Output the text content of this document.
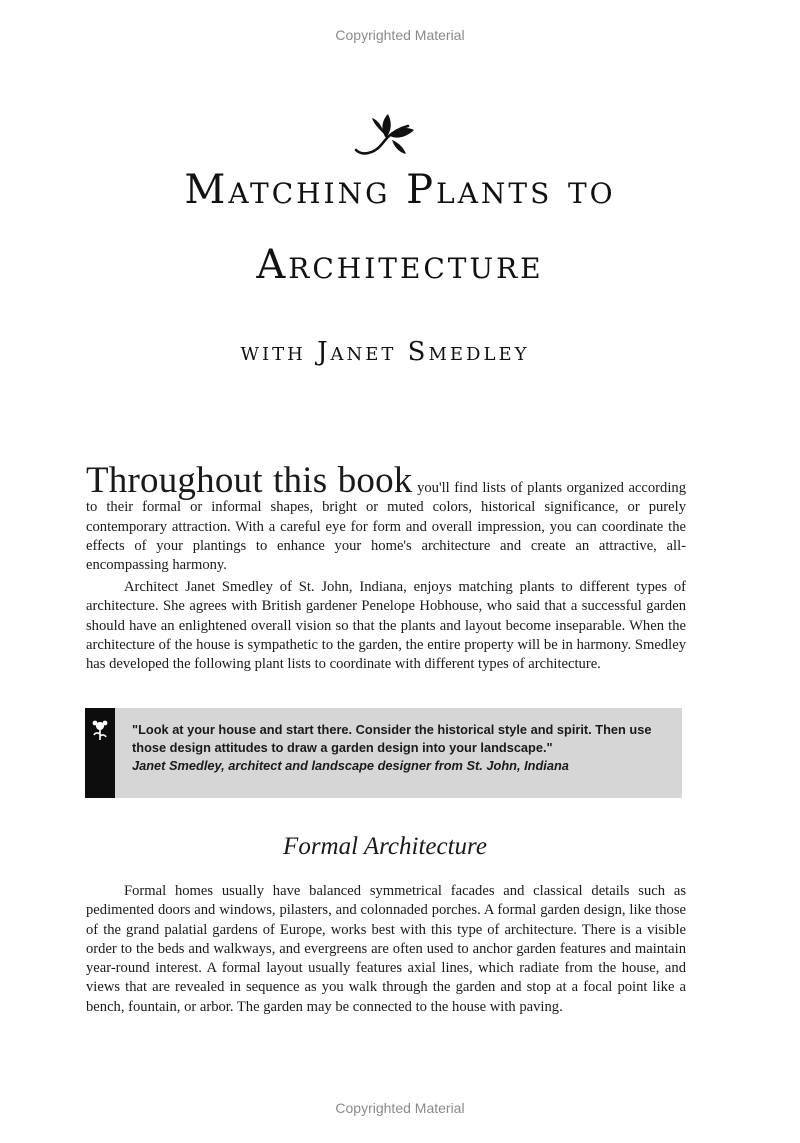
Copyrighted Material
Matching Plants to
Architecture
with Janet Smedley
Throughout this book you'll find lists of plants organized according to their formal or informal shapes, bright or muted colors, historical significance, or purely contemporary attraction. With a careful eye for form and overall impression, you can coordinate the effects of your plantings to enhance your home's architecture and create an attractive, all-encompassing harmony.

Architect Janet Smedley of St. John, Indiana, enjoys matching plants to different types of architecture. She agrees with British gardener Penelope Hobhouse, who said that a successful garden should have an enlightened overall vision so that the plants and layout become inseparable. When the architecture of the house is sympathetic to the garden, the entire property will be in harmony. Smedley has developed the following plant lists to coordinate with different types of architecture.

"Look at your house and start there. Consider the historical style and spirit. Then use those design attitudes to draw a garden design into your landscape."
Janet Smedley, architect and landscape designer from St. John, Indiana
Formal Architecture

Formal homes usually have balanced symmetrical facades and classical details such as pedimented doors and windows, pilasters, and colonnaded porches. A formal garden design, like those of the grand palatial gardens of Europe, works best with this type of architecture. There is a visible order to the beds and walkways, and evergreens are often used to anchor garden features and maintain year-round interest. A formal layout usually features axial lines, which radiate from the house, and views that are revealed in sequence as you walk through the garden and stop at a focal point like a bench, fountain, or arbor. The garden may be connected to the house with paving.

Copyrighted Material
